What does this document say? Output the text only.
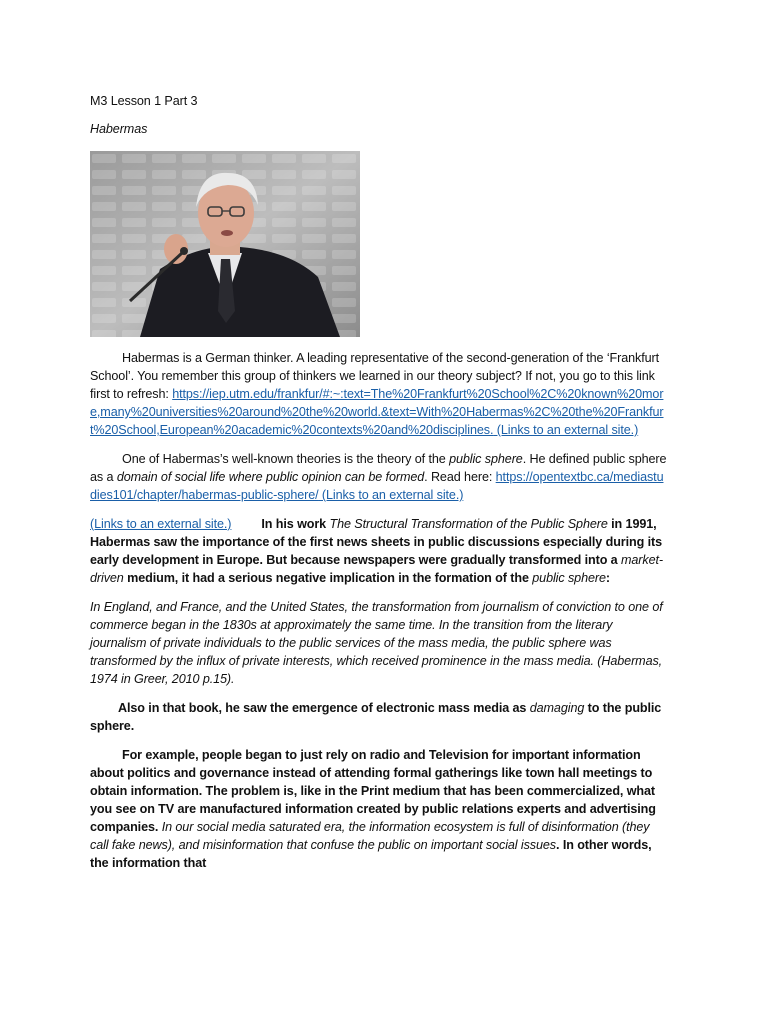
M3 Lesson 1 Part 3
Habermas

Habermas is a German thinker. A leading representative of the second-generation of the ‘Frankfurt School’. You remember this group of thinkers we learned in our theory subject? If not, you go to this link first to refresh: https://iep.utm.edu/frankfur/#:~:text=The%20Frankfurt%20School%2C%20known%20more,many%20universities%20around%20the%20world.&text=With%20Habermas%2C%20the%20Frankfurt%20School,European%20academic%20contexts%20and%20disciplines. (Links to an external site.)

One of Habermas’s well-known theories is the theory of the public sphere. He defined public sphere as a domain of social life where public opinion can be formed. Read here: https://opentextbc.ca/mediastudies101/chapter/habermas-public-sphere/ (Links to an external site.)

(Links to an external site.) In his work The Structural Transformation of the Public Sphere in 1991, Habermas saw the importance of the first news sheets in public discussions especially during its early development in Europe. But because newspapers were gradually transformed into a market-driven medium, it had a serious negative implication in the formation of the public sphere:

In England, and France, and the United States, the transformation from journalism of conviction to one of commerce began in the 1830s at approximately the same time. In the transition from the literary journalism of private individuals to the public services of the mass media, the public sphere was transformed by the influx of private interests, which received prominence in the mass media. (Habermas, 1974 in Greer, 2010 p.15).

Also in that book, he saw the emergence of electronic mass media as damaging to the public sphere.

For example, people began to just rely on radio and Television for important information about politics and governance instead of attending formal gatherings like town hall meetings to obtain information. The problem is, like in the Print medium that has been commercialized, what you see on TV are manufactured information created by public relations experts and advertising companies. In our social media saturated era, the information ecosystem is full of disinformation (they call fake news), and misinformation that confuse the public on important social issues. In other words, the information that
